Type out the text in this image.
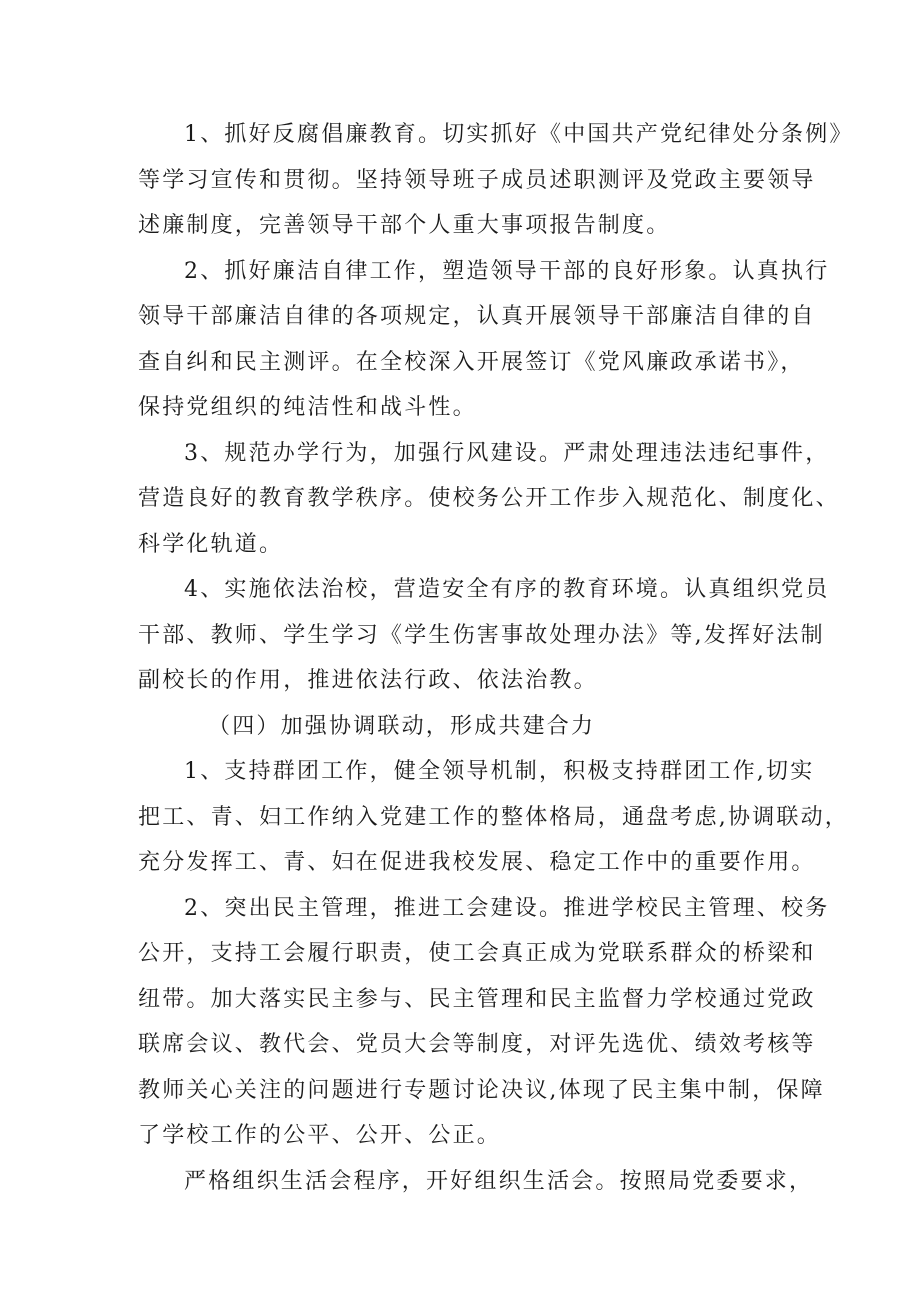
1、抓好反腐倡廉教育。切实抓好《中国共产党纪律处分条例》
等学习宣传和贯彻。坚持领导班子成员述职测评及党政主要领导
述廉制度，完善领导干部个人重大事项报告制度。
2、抓好廉洁自律工作，塑造领导干部的良好形象。认真执行
领导干部廉洁自律的各项规定，认真开展领导干部廉洁自律的自
查自纠和民主测评。在全校深入开展签订《党风廉政承诺书》，
保持党组织的纯洁性和战斗性。
3、规范办学行为，加强行风建设。严肃处理违法违纪事件，
营造良好的教育教学秩序。使校务公开工作步入规范化、制度化、
科学化轨道。
4、实施依法治校，营造安全有序的教育环境。认真组织党员
干部、教师、学生学习《学生伤害事故处理办法》等,发挥好法制
副校长的作用，推进依法行政、依法治教。
（四）加强协调联动，形成共建合力
1、支持群团工作，健全领导机制，积极支持群团工作,切实
把工、青、妇工作纳入党建工作的整体格局，通盘考虑,协调联动，
充分发挥工、青、妇在促进我校发展、稳定工作中的重要作用。
2、突出民主管理，推进工会建设。推进学校民主管理、校务
公开，支持工会履行职责，使工会真正成为党联系群众的桥梁和
纽带。加大落实民主参与、民主管理和民主监督力学校通过党政
联席会议、教代会、党员大会等制度，对评先选优、绩效考核等
教师关心关注的问题进行专题讨论决议,体现了民主集中制，保障
了学校工作的公平、公开、公正。
严格组织生活会程序，开好组织生活会。按照局党委要求，
